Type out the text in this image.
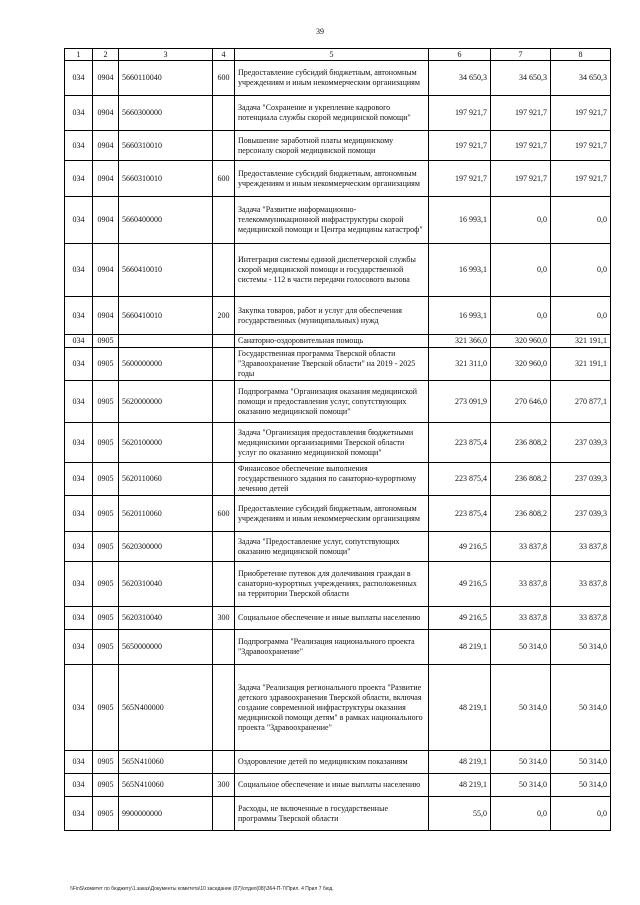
39
1	2	3	4	5	6	7	8
034	0904	5660110040	600	Предоставление субсидий бюджетным, автономным учреждениям и иным некоммерческим организациям	34 650,3	34 650,3	34 650,3
034	0904	5660300000		Задача "Сохранение и укрепление кадрового потенциала службы скорой медицинской помощи"	197 921,7	197 921,7	197 921,7
034	0904	5660310010		Повышение заработной платы медицинскому персоналу скорой медицинской помощи	197 921,7	197 921,7	197 921,7
034	0904	5660310010	600	Предоставление субсидий бюджетным, автономным учреждениям и иным некоммерческим организациям	197 921,7	197 921,7	197 921,7
034	0904	5660400000		Задача "Развитие информационно-телекоммуникационной инфраструктуры скорой медицинской помощи и Центра медицины катастроф"	16 993,1	0,0	0,0
034	0904	5660410010		Интеграция системы единой диспетчерской службы скорой медицинской помощи и государственной системы - 112 в части передачи голосового вызова	16 993,1	0,0	0,0
034	0904	5660410010	200	Закупка товаров, работ и услуг для обеспечения государственных (муниципальных) нужд	16 993,1	0,0	0,0
034	0905			Санаторно-оздоровительная помощь	321 366,0	320 960,0	321 191,1
034	0905	5600000000		Государственная программа Тверской области "Здравоохранение Тверской области" на 2019 - 2025 годы	321 311,0	320 960,0	321 191,1
034	0905	5620000000		Подпрограмма "Организация оказания медицинской помощи и предоставления услуг, сопутствующих оказанию медицинской помощи"	273 091,9	270 646,0	270 877,1
034	0905	5620100000		Задача "Организация предоставления бюджетными медицинскими организациями Тверской области услуг по оказанию медицинской помощи"	223 875,4	236 808,2	237 039,3
034	0905	5620110060		Финансовое обеспечение выполнения государственного задания по санаторно-курортному лечению детей	223 875,4	236 808,2	237 039,3
034	0905	5620110060	600	Предоставление субсидий бюджетным, автономным учреждениям и иным некоммерческим организациям	223 875,4	236 808,2	237 039,3
034	0905	5620300000		Задача "Предоставление услуг, сопутствующих оказанию медицинской помощи"	49 216,5	33 837,8	33 837,8
034	0905	5620310040		Приобретение путевок для долечивания граждан в санаторно-курортных учреждениях, расположенных на территории Тверской области	49 216,5	33 837,8	33 837,8
034	0905	5620310040	300	Социальное обеспечение и иные выплаты населению	49 216,5	33 837,8	33 837,8
034	0905	5650000000		Подпрограмма "Реализация национального проекта "Здравоохранение"	48 219,1	50 314,0	50 314,0
034	0905	565N400000		Задача "Реализация регионального проекта "Развитие детского здравоохранения Тверской области, включая создание современной инфраструктуры оказания медицинской помощи детям" в рамках национального проекта "Здравоохранение"	48 219,1	50 314,0	50 314,0
034	0905	565N410060		Оздоровление детей по медицинским показаниям	48 219,1	50 314,0	50 314,0
034	0905	565N410060	300	Социальное обеспечение и иные выплаты населению	48 219,1	50 314,0	50 314,0
034	0905	9900000000		Расходы, не включенные в государственные программы Тверской области	55,0	0,0	0,0
\\FinS\комитет по бюджету\1.заказ\Документы комитета\10 заседание (07)\отдел(08)\364-П-7\Прил. 4 Прил 7 бюд.
